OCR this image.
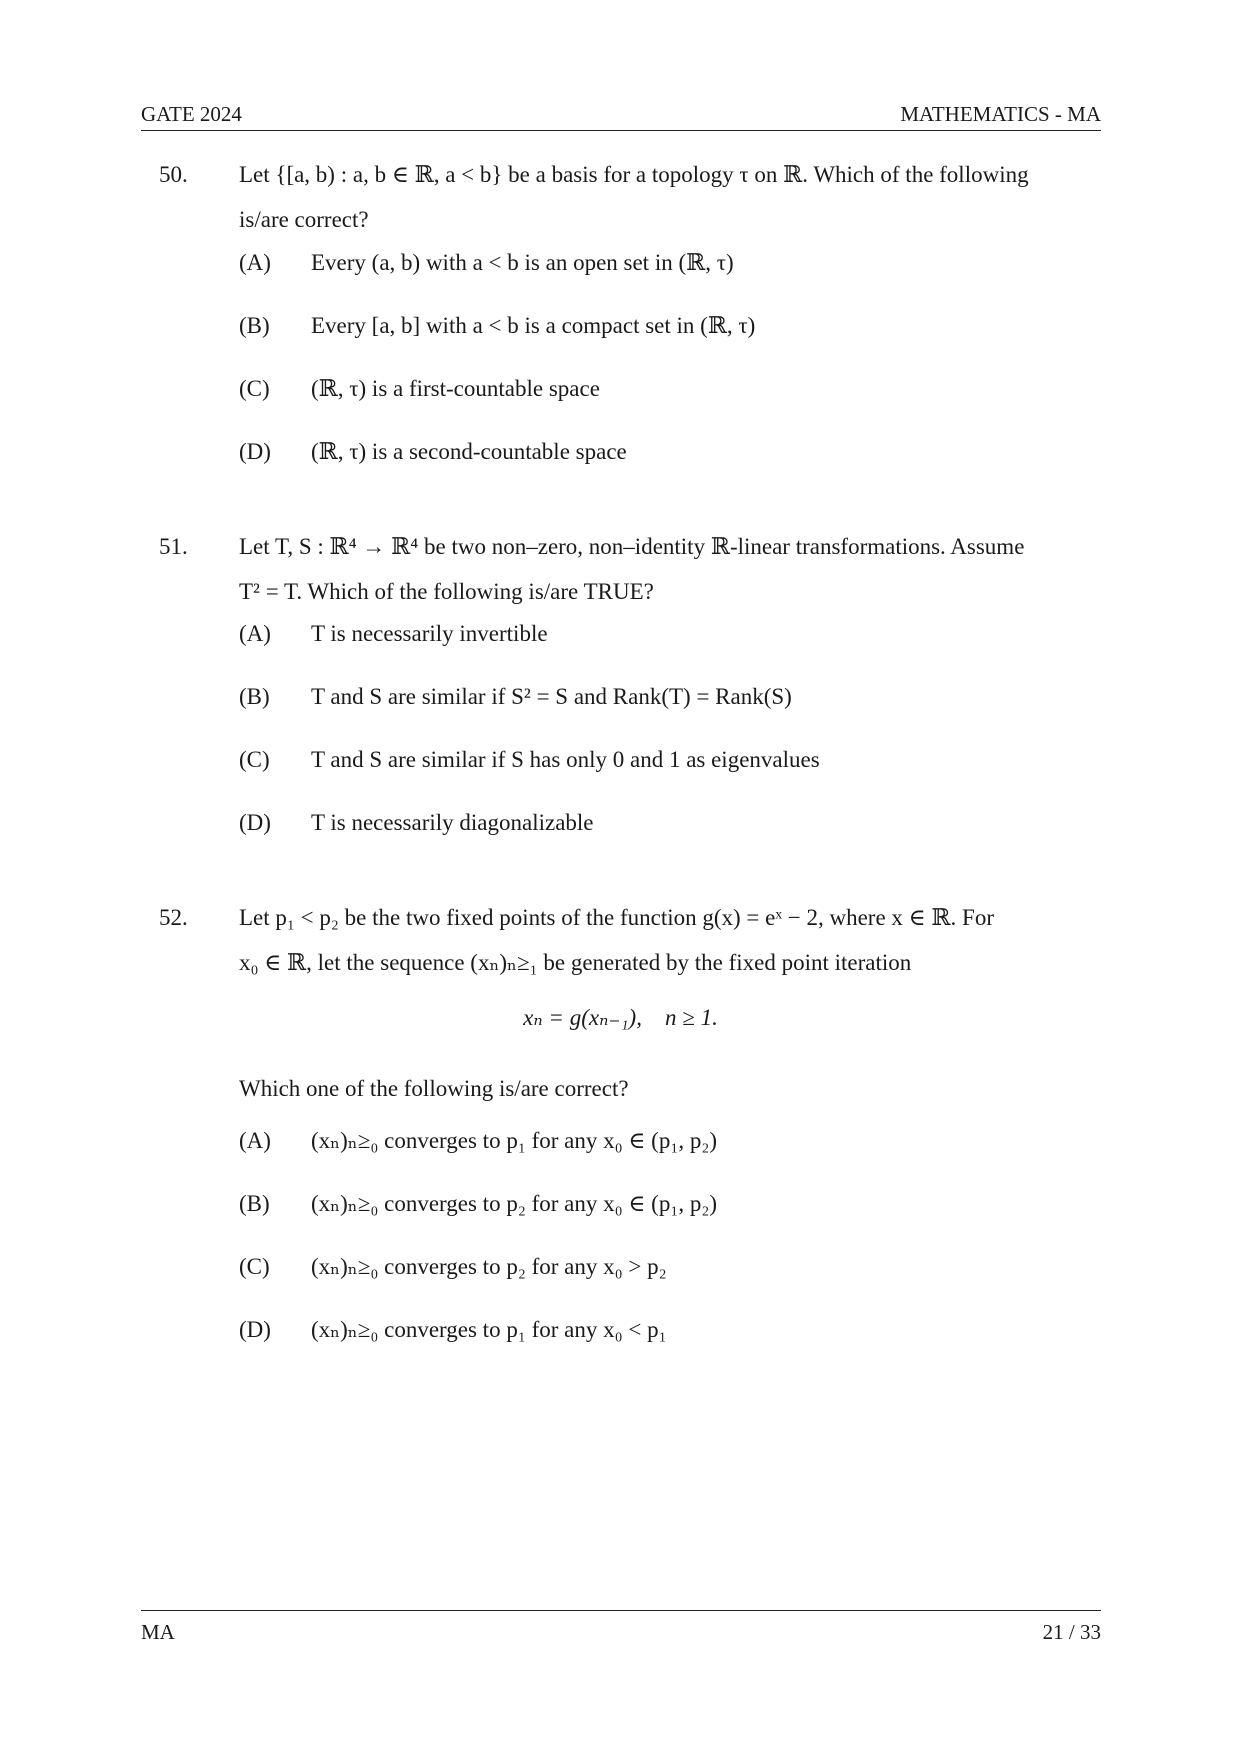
GATE 2024	MATHEMATICS - MA
50. Let {[a, b) : a, b ∈ ℝ, a < b} be a basis for a topology τ on ℝ. Which of the following
is/are correct?
(A)	Every (a, b) with a < b is an open set in (ℝ, τ)
(B)	Every [a, b] with a < b is a compact set in (ℝ, τ)
(C)	(ℝ, τ) is a first-countable space
(D)	(ℝ, τ) is a second-countable space
51. Let T, S : ℝ⁴ → ℝ⁴ be two non–zero, non–identity ℝ-linear transformations. Assume
T² = T. Which of the following is/are TRUE?
(A)	T is necessarily invertible
(B)	T and S are similar if S² = S and Rank(T) = Rank(S)
(C)	T and S are similar if S has only 0 and 1 as eigenvalues
(D)	T is necessarily diagonalizable
52. Let p₁ < p₂ be the two fixed points of the function g(x) = eˣ − 2, where x ∈ ℝ. For
x₀ ∈ ℝ, let the sequence (xₙ)ₙ≥₁ be generated by the fixed point iteration
xₙ = g(xₙ₋₁),    n ≥ 1.
Which one of the following is/are correct?
(A)	(xₙ)ₙ≥₀ converges to p₁ for any x₀ ∈ (p₁, p₂)
(B)	(xₙ)ₙ≥₀ converges to p₂ for any x₀ ∈ (p₁, p₂)
(C)	(xₙ)ₙ≥₀ converges to p₂ for any x₀ > p₂
(D)	(xₙ)ₙ≥₀ converges to p₁ for any x₀ < p₁
MA	21 / 33
